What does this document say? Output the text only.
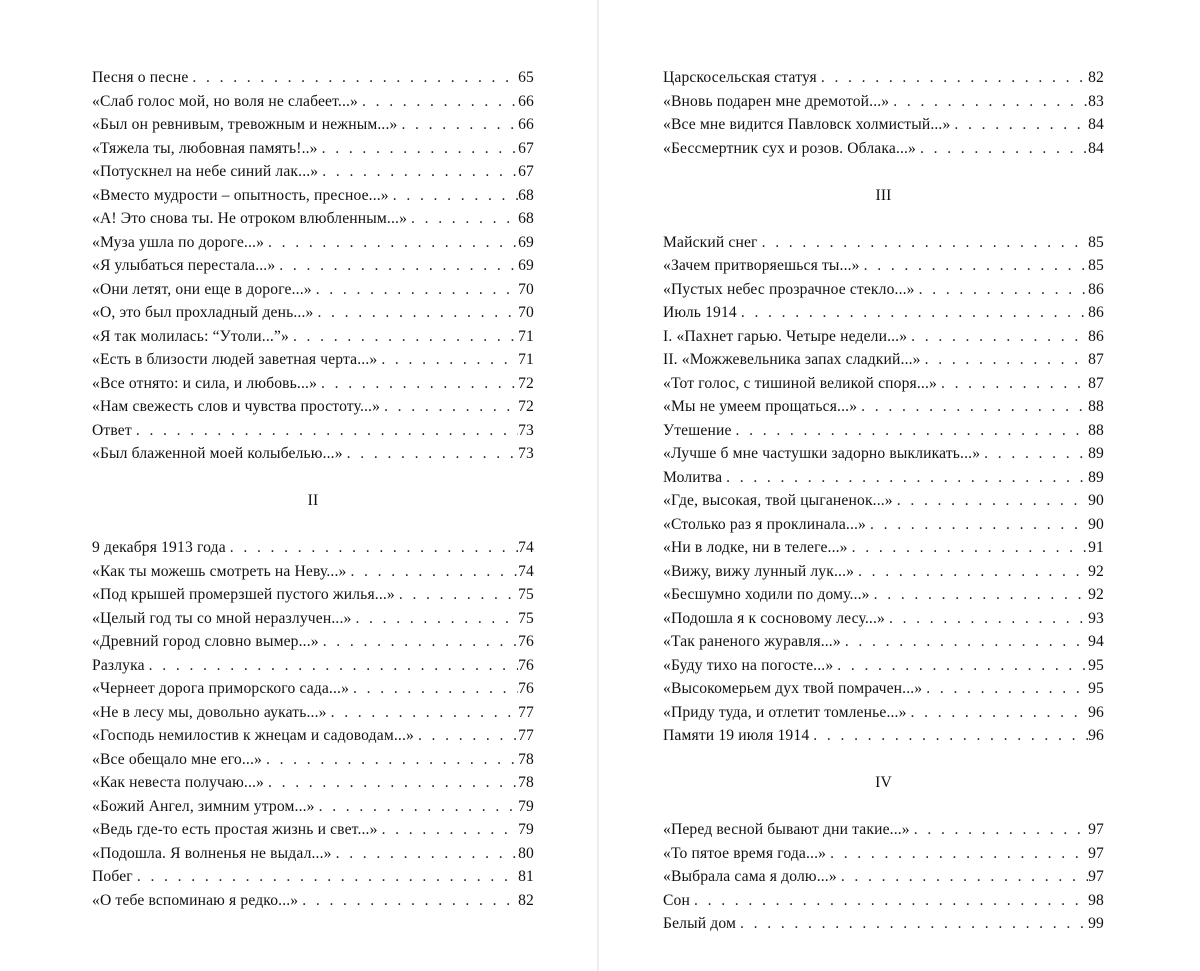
Песня о песне . . .	65
«Слаб голос мой, но воля не слабеет...» . . .	66
«Был он ревнивым, тревожным и нежным...» . . .	66
«Тяжела ты, любовная память!..» . . .	67
«Потускнел на небе синий лак...» . . .	67
«Вместо мудрости – опытность, пресное...» . . .	68
«А! Это снова ты. Не отроком влюбленным...» . . .	68
«Муза ушла по дороге...» . . .	69
«Я улыбаться перестала...» . . .	69
«Они летят, они еще в дороге...» . . .	70
«О, это был прохладный день...» . . .	70
«Я так молилась: “Утоли...”» . . .	71
«Есть в близости людей заветная черта...» . . .	71
«Все отнято: и сила, и любовь...» . . .	72
«Нам свежесть слов и чувства простоту...» . . .	72
Ответ . . .	73
«Был блаженной моей колыбелью...» . . .	73
II
9 декабря 1913 года . . .	74
«Как ты можешь смотреть на Неву...» . . .	74
«Под крышей промерзшей пустого жилья...» . . .	75
«Целый год ты со мной неразлучен...» . . .	75
«Древний город словно вымер...» . . .	76
Разлука . . .	76
«Чернеет дорога приморского сада...» . . .	76
«Не в лесу мы, довольно аукать...» . . .	77
«Господь немилостив к жнецам и садоводам...» . . .	77
«Все обещало мне его...» . . .	78
«Как невеста получаю...» . . .	78
«Божий Ангел, зимним утром...» . . .	79
«Ведь где-то есть простая жизнь и свет...» . . .	79
«Подошла. Я волненья не выдал...» . . .	80
Побег . . .	81
«О тебе вспоминаю я редко...» . . .	82
Царскосельская статуя . . .	82
«Вновь подарен мне дремотой...» . . .	83
«Все мне видится Павловск холмистый...» . . .	84
«Бессмертник сух и розов. Облака...» . . .	84
III
Майский снег . . .	85
«Зачем притворяешься ты...» . . .	85
«Пустых небес прозрачное стекло...» . . .	86
Июль 1914 . . .	86
I. «Пахнет гарью. Четыре недели...» . . .	86
II. «Можжевельника запах сладкий...» . . .	87
«Тот голос, с тишиной великой споря...» . . .	87
«Мы не умеем прощаться...» . . .	88
Утешение . . .	88
«Лучше б мне частушки задорно выкликать...» . . .	89
Молитва . . .	89
«Где, высокая, твой цыганенок...» . . .	90
«Столько раз я проклинала...» . . .	90
«Ни в лодке, ни в телеге...» . . .	91
«Вижу, вижу лунный лук...» . . .	92
«Бесшумно ходили по дому...» . . .	92
«Подошла я к сосновому лесу...» . . .	93
«Так раненого журавля...» . . .	94
«Буду тихо на погосте...» . . .	95
«Высокомерьем дух твой помрачен...» . . .	95
«Приду туда, и отлетит томленье...» . . .	96
Памяти 19 июля 1914 . . .	96
IV
«Перед весной бывают дни такие...» . . .	97
«То пятое время года...» . . .	97
«Выбрала сама я долю...» . . .	97
Сон . . .	98
Белый дом . . .	99
